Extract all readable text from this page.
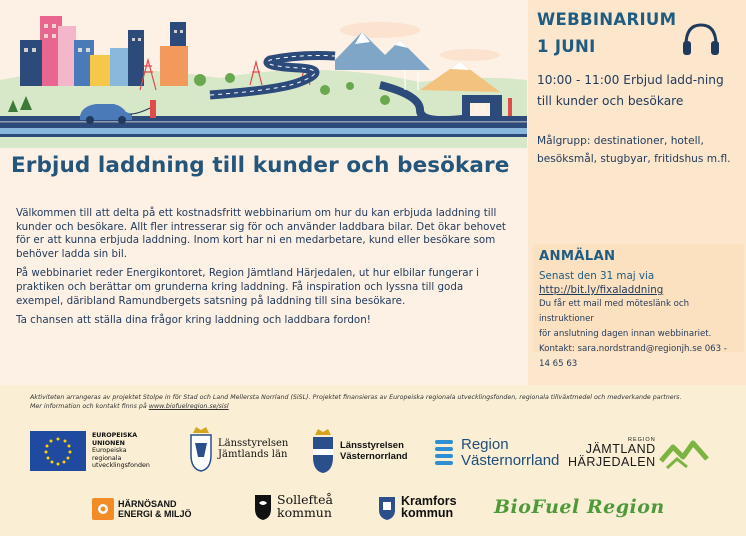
WEBBINARIUM
1 JUNI
10:00 - 11:00 Erbjud ladd-ning till kunder och besökare
Målgrupp: destinationer, hotell, besöksmål, stugbyar, fritidshus m.fl.
ANMÄLAN
Senast den 31 maj via
http://bit.ly/fixaladdning
Du får ett mail med möteslänk och instruktioner
för anslutning dagen innan webbinariet.
Kontakt: sara.nordstrand@regionjh.se 063 - 14 65 63
Erbjud laddning till kunder och besökare

Välkommen till att delta på ett kostnadsfritt webbinarium om hur du kan erbjuda laddning till kunder och besökare. Allt fler intresserar sig för och använder laddbara bilar. Det ökar behovet för er att kunna erbjuda laddning. Inom kort har ni en medarbetare, kund eller besökare som behöver ladda sin bil.

På webbinariet reder Energikontoret, Region Jämtland Härjedalen, ut hur elbilar fungerar i praktiken och berättar om grunderna kring laddning. Få inspiration och lyssna till goda exempel, däribland Ramundbergets satsning på laddning till sina besökare.

Ta chansen att ställa dina frågor kring laddning och laddbara fordon!

Aktiviteten arrangeras av projektet Stolpe in för Stad och Land Mellersta Norrland (SiSL). Projektet finansieras av Europeiska regionala utvecklingsfonden, regionala tillväxtmedel och medverkande partners.
Mer information och kontakt finns på www.biofuelregion.se/sisl
EUROPEISKA
UNIONEN
Europeiska
regionala
utvecklingsfonden
Länsstyrelsen
Jämtlands län
Länsstyrelsen
Västernorrland
Region
Västernorrland
REGION
JÄMTLAND
HÄRJEDALEN
HÄRNÖSAND
ENERGI & MILJÖ
Sollefteå
kommun
Kramfors
kommun BioFuel Region
